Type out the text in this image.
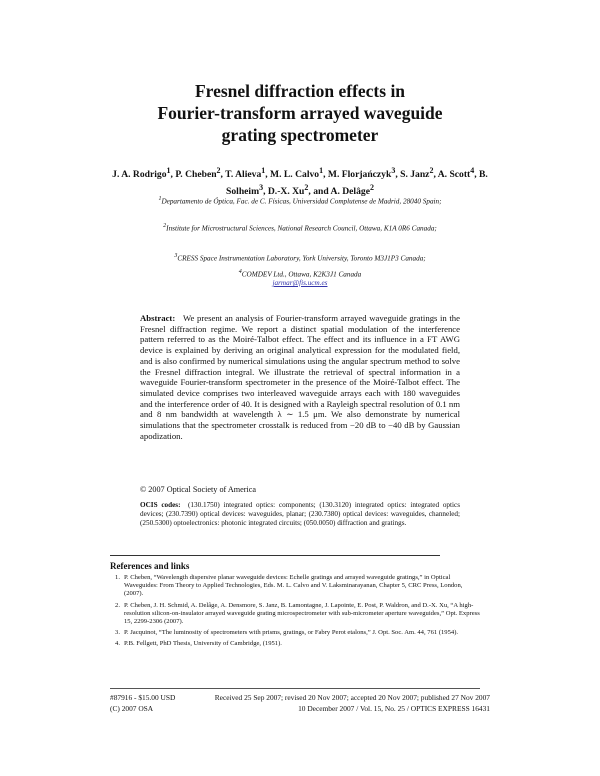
Fresnel diffraction effects in
Fourier-transform arrayed waveguide
grating spectrometer
J. A. Rodrigo$^1$, P. Cheben$^2$, T. Alieva$^1$, M. L. Calvo$^1$, M. Florjańczyk$^3$, S. Janz$^2$, A. Scott$^4$, B. Solheim$^3$, D.-X. Xu$^2$, and A. Delâge$^2$
$^1$Departamento de Óptica, Fac. de C. Físicas, Universidad Complutense de Madrid, 28040 Spain;
$^2$Institute for Microstructural Sciences, National Research Council, Ottawa, K1A 0R6 Canada;
$^3$CRESS Space Instrumentation Laboratory, York University, Toronto M3J1P3 Canada;
$^4$COMDEV Ltd., Ottawa, K2K3J1 Canada
jarmar@fis.ucm.es
Abstract: We present an analysis of Fourier-transform arrayed waveguide gratings in the Fresnel diffraction regime. We report a distinct spatial modulation of the interference pattern referred to as the Moiré-Talbot effect. The effect and its influence in a FT AWG device is explained by deriving an original analytical expression for the modulated field, and is also confirmed by numerical simulations using the angular spectrum method to solve the Fresnel diffraction integral. We illustrate the retrieval of spectral information in a waveguide Fourier-transform spectrometer in the presence of the Moiré-Talbot effect. The simulated device comprises two interleaved waveguide arrays each with 180 waveguides and the interference order of 40. It is designed with a Rayleigh spectral resolution of 0.1 nm and 8 nm bandwidth at wavelength λ ∼ 1.5 μm. We also demonstrate by numerical simulations that the spectrometer crosstalk is reduced from −20 dB to −40 dB by Gaussian apodization.
© 2007 Optical Society of America
OCIS codes: (130.1750) integrated optics: components; (130.3120) integrated optics: integrated optics devices; (230.7390) optical devices: waveguides, planar; (230.7380) optical devices: waveguides, channeled; (250.5300) optoelectronics: photonic integrated circuits; (050.0050) diffraction and gratings.
References and links
1. P. Cheben, “Wavelength dispersive planar waveguide devices: Echelle gratings and arrayed waveguide gratings,” in Optical Waveguides: From Theory to Applied Technologies, Eds. M. L. Calvo and V. Laksminarayanan, Chapter 5, CRC Press, London, (2007).
2. P. Cheben, J. H. Schmid, A. Delâge, A. Densmore, S. Janz, B. Lamontagne, J. Lapointe, E. Post, P. Waldron, and D.-X. Xu, “A high-resolution silicon-on-insulator arrayed waveguide grating microspectrometer with sub-micrometer aperture waveguides,” Opt. Express 15, 2299-2306 (2007).
3. P. Jacquinot, “The luminosity of spectrometers with prisms, gratings, or Fabry Perot etalons,” J. Opt. Soc. Am. 44, 761 (1954).
4. P.B. Fellgett, PhD Thesis, University of Cambridge, (1951).
#87916 - $15.00 USD	Received 25 Sep 2007; revised 20 Nov 2007; accepted 20 Nov 2007; published 27 Nov 2007
(C) 2007 OSA	10 December 2007 / Vol. 15, No. 25 / OPTICS EXPRESS 16431
